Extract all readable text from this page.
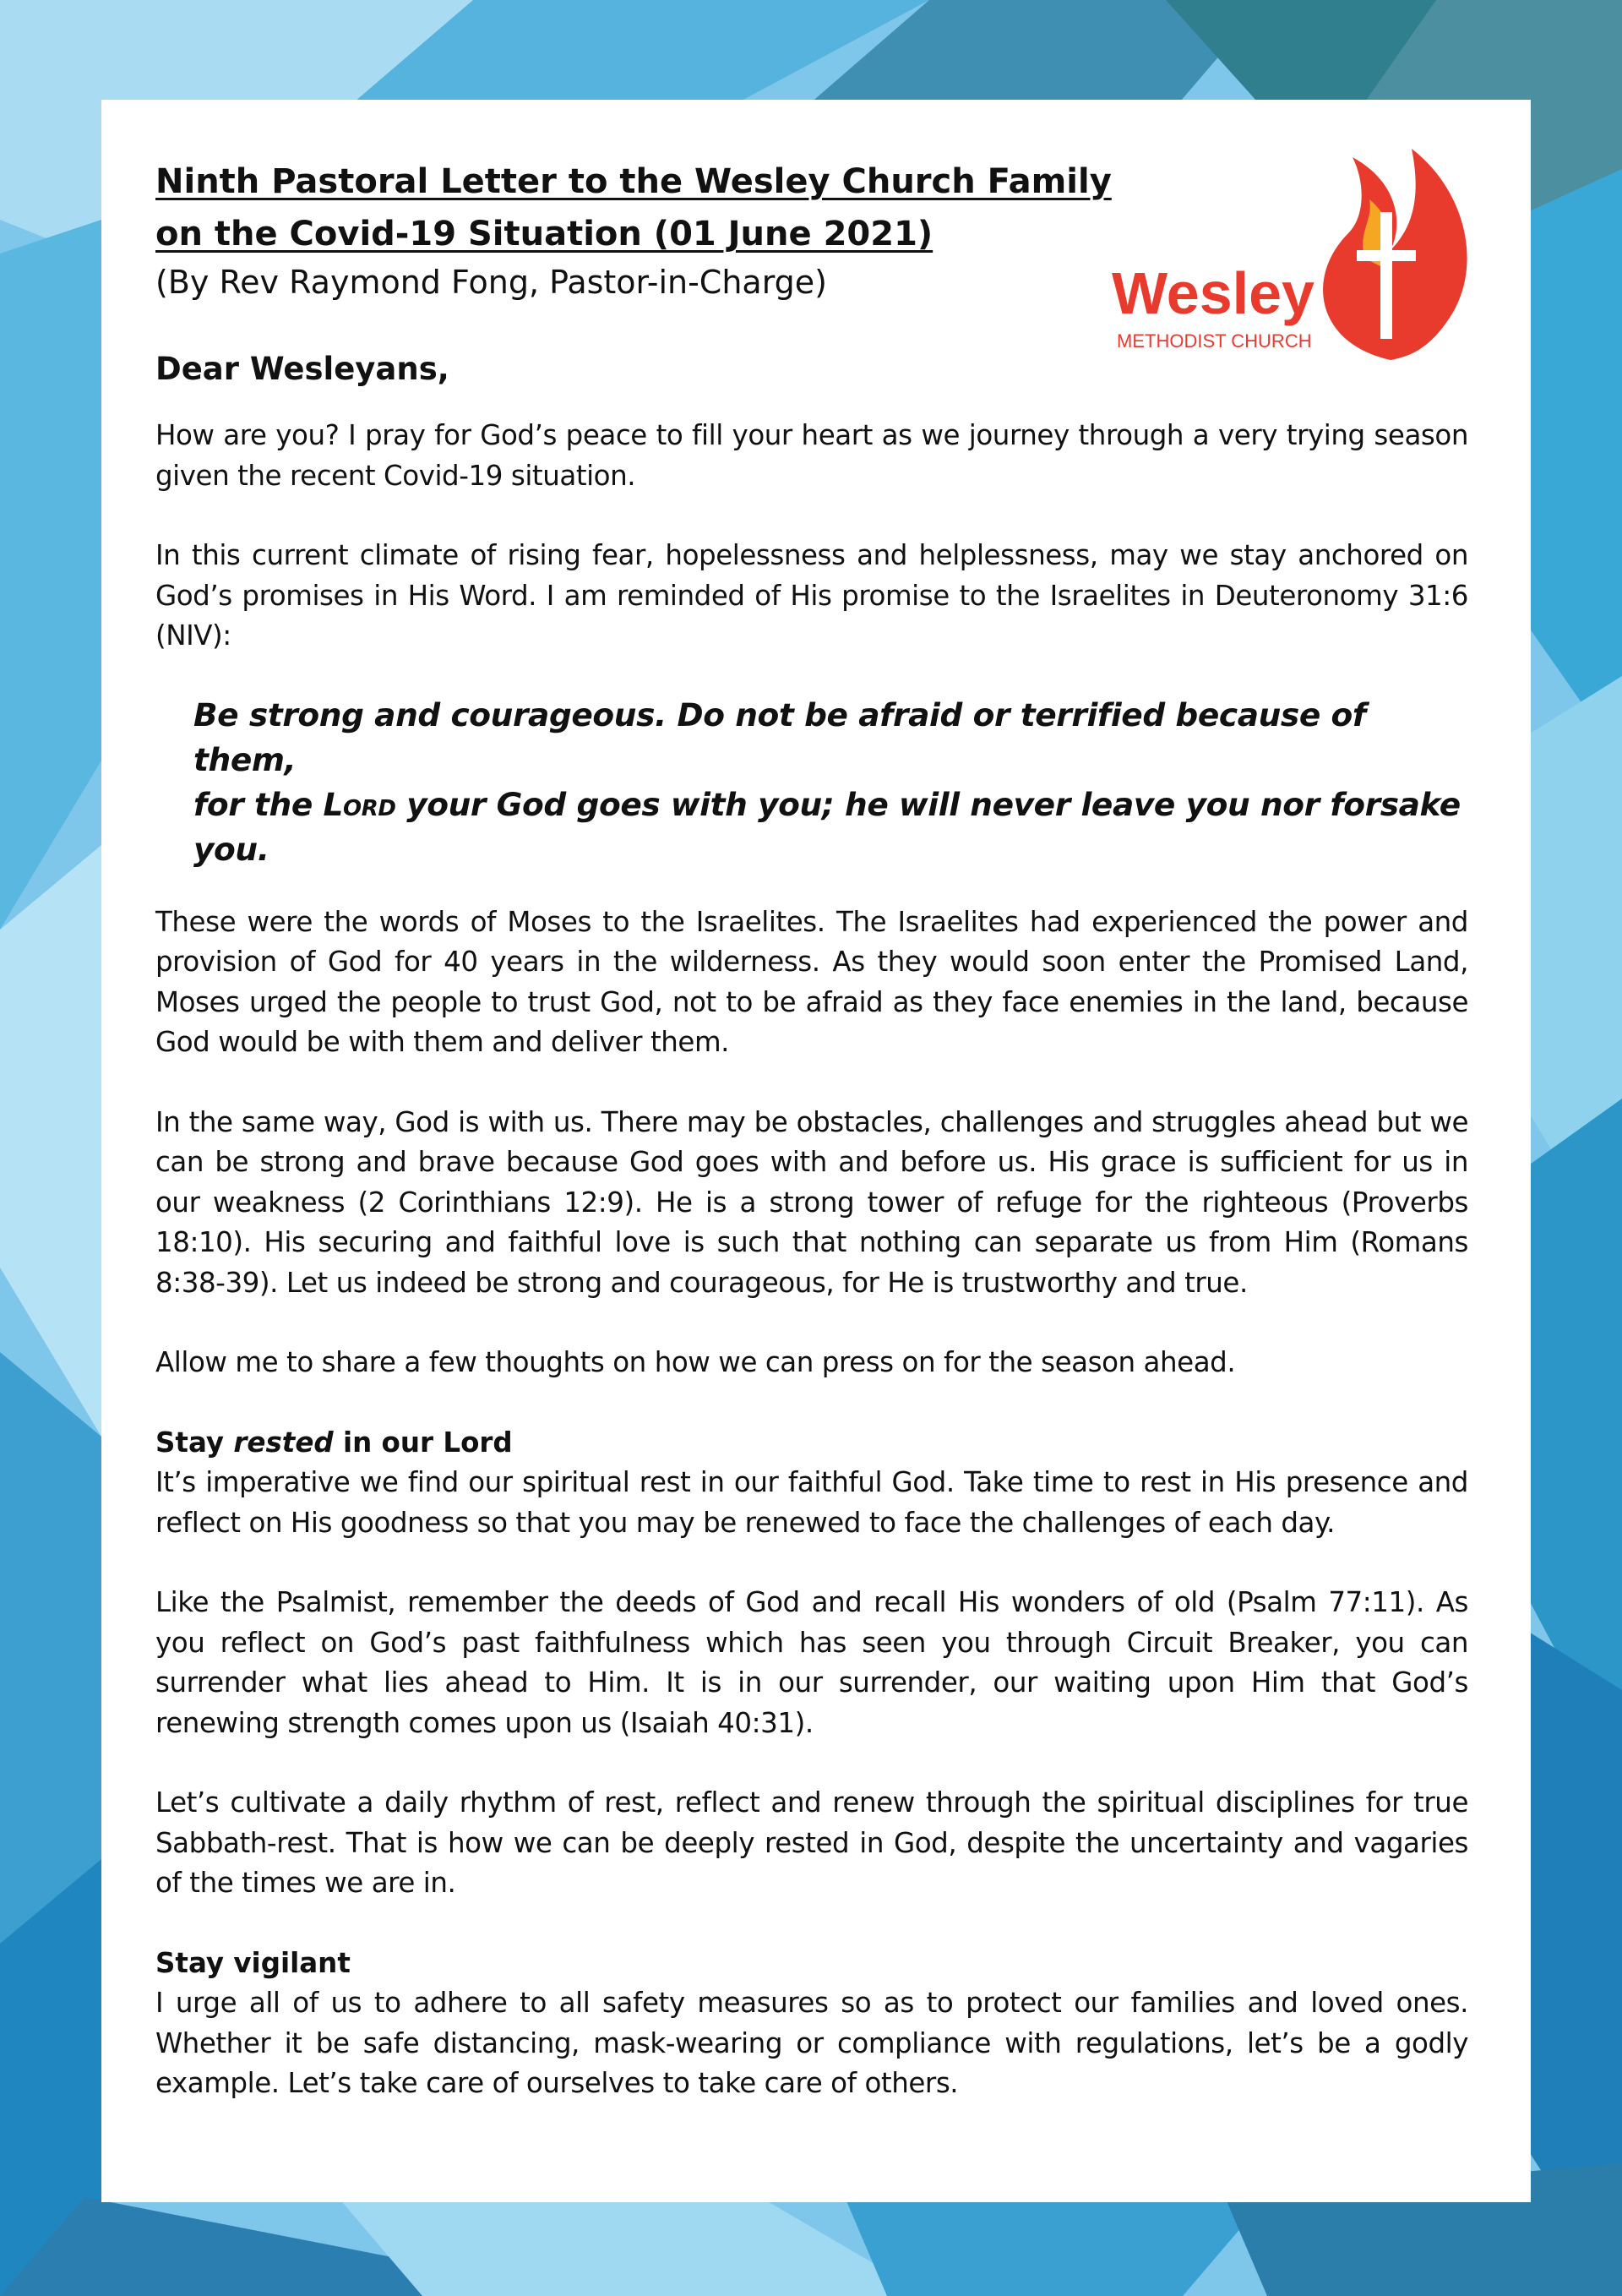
Wesley
METHODIST CHURCH
Ninth Pastoral Letter to the Wesley Church Family
on the Covid-19 Situation (01 June 2021)

(By Rev Raymond Fong, Pastor-in-Charge)

Dear Wesleyans,

How are you? I pray for God’s peace to fill your heart as we journey through a very trying season given the recent Covid-19 situation.

In this current climate of rising fear, hopelessness and helplessness, may we stay anchored on God’s promises in His Word. I am reminded of His promise to the Israelites in Deuteronomy 31:6 (NIV):

Be strong and courageous. Do not be afraid or terrified because of them,
for the Lord your God goes with you; he will never leave you nor forsake you.

These were the words of Moses to the Israelites. The Israelites had experienced the power and provision of God for 40 years in the wilderness. As they would soon enter the Promised Land, Moses urged the people to trust God, not to be afraid as they face enemies in the land, because God would be with them and deliver them.

In the same way, God is with us. There may be obstacles, challenges and struggles ahead but we can be strong and brave because God goes with and before us. His grace is sufficient for us in our weakness (2 Corinthians 12:9). He is a strong tower of refuge for the righteous (Proverbs 18:10). His securing and faithful love is such that nothing can separate us from Him (Romans 8:38-39). Let us indeed be strong and courageous, for He is trustworthy and true.

Allow me to share a few thoughts on how we can press on for the season ahead.

Stay rested in our Lord

It’s imperative we find our spiritual rest in our faithful God. Take time to rest in His presence and reflect on His goodness so that you may be renewed to face the challenges of each day.

Like the Psalmist, remember the deeds of God and recall His wonders of old (Psalm 77:11). As you reflect on God’s past faithfulness which has seen you through Circuit Breaker, you can surrender what lies ahead to Him. It is in our surrender, our waiting upon Him that God’s renewing strength comes upon us (Isaiah 40:31).

Let’s cultivate a daily rhythm of rest, reflect and renew through the spiritual disciplines for true Sabbath-rest. That is how we can be deeply rested in God, despite the uncertainty and vagaries of the times we are in.

Stay vigilant

I urge all of us to adhere to all safety measures so as to protect our families and loved ones. Whether it be safe distancing, mask-wearing or compliance with regulations, let’s be a godly example. Let’s take care of ourselves to take care of others.
